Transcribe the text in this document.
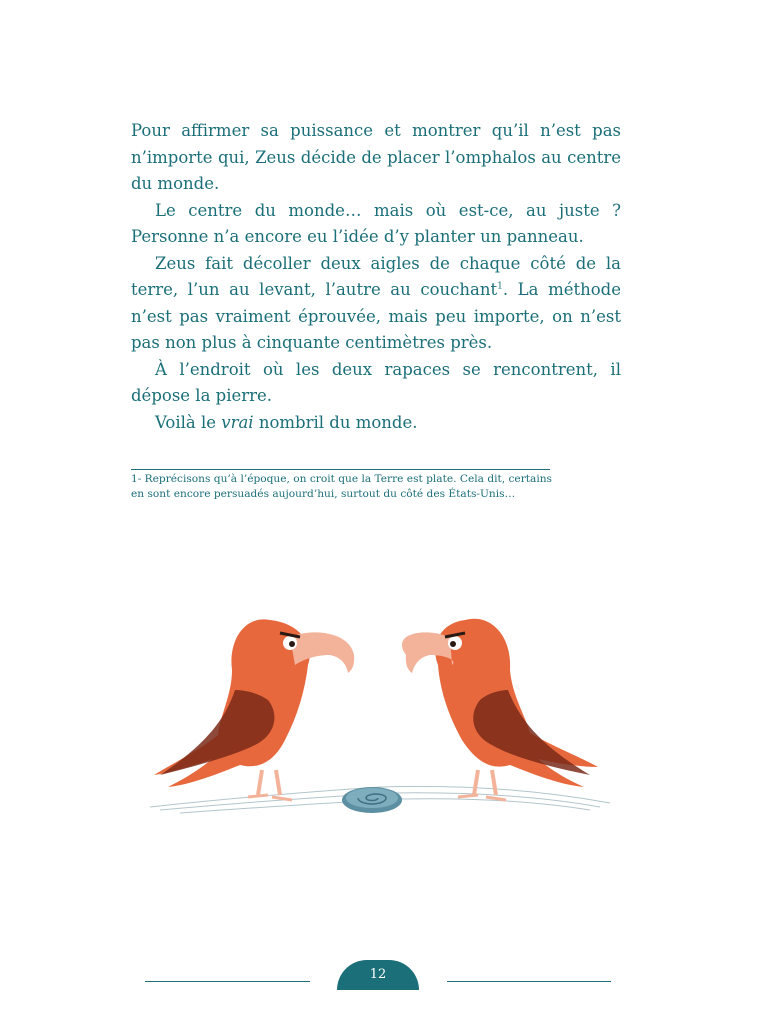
Pour affirmer sa puissance et montrer qu’il n’est pas n’importe qui, Zeus décide de placer l’omphalos au centre du monde.

Le centre du monde… mais où est-ce, au juste ? Personne n’a encore eu l’idée d’y planter un panneau.

Zeus fait décoller deux aigles de chaque côté de la terre, l’un au levant, l’autre au couchant$^1$. La méthode n’est pas vraiment éprouvée, mais peu importe, on n’est pas non plus à cinquante centimètres près.

À l’endroit où les deux rapaces se rencontrent, il dépose la pierre.

Voilà le vrai nombril du monde.

1- Reprécisons qu’à l’époque, on croit que la Terre est plate. Cela dit, certains
en sont encore persuadés aujourd’hui, surtout du côté des États-Unis…

12
